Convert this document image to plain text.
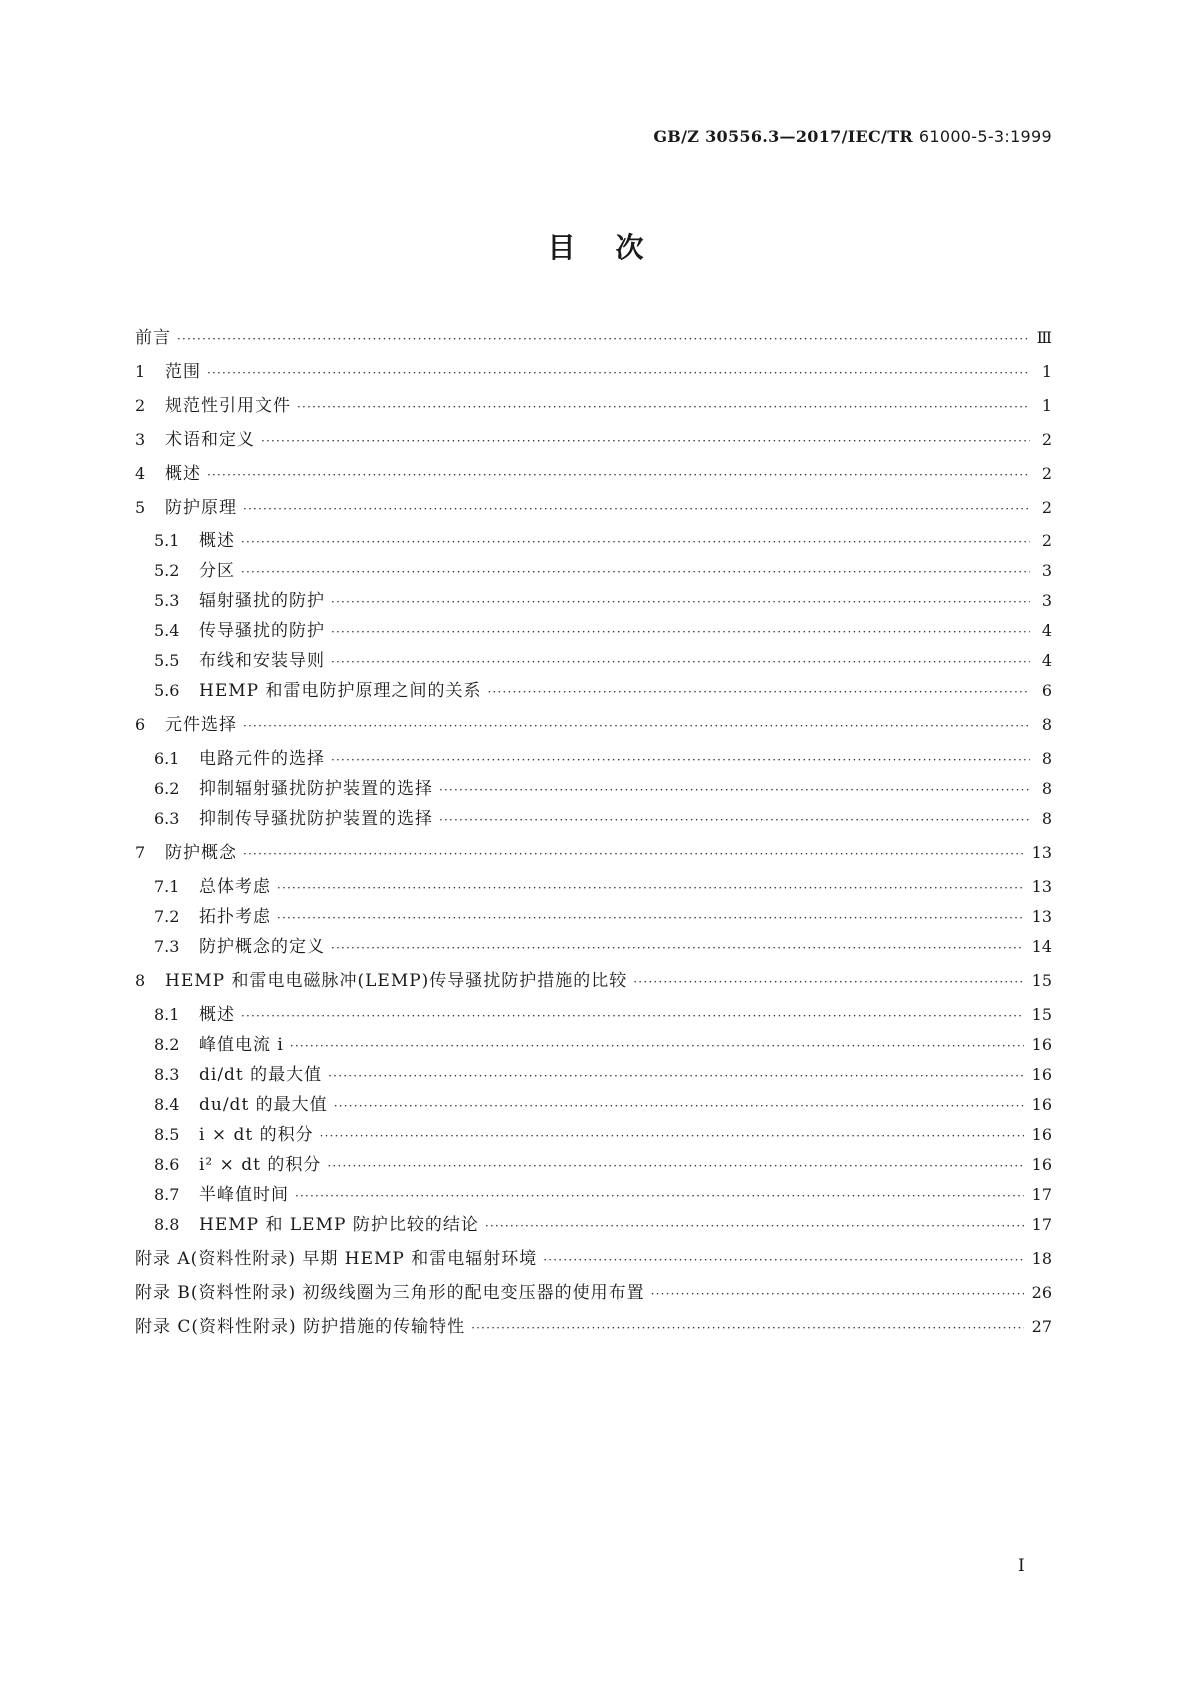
GB/Z 30556.3—2017/IEC/TR 61000-5-3:1999
目次
前言 ·····	Ⅲ
1	范围 ·····	1
2	规范性引用文件 ·····	1
3	术语和定义 ·····	2
4	概述 ·····	2
5	防护原理 ·····	2
5.1	概述 ·····	2
5.2	分区 ·····	3
5.3	辐射骚扰的防护 ·····	3
5.4	传导骚扰的防护 ·····	4
5.5	布线和安装导则 ·····	4
5.6	HEMP 和雷电防护原理之间的关系 ·····	6
6	元件选择 ·····	8
6.1	电路元件的选择 ·····	8
6.2	抑制辐射骚扰防护装置的选择 ·····	8
6.3	抑制传导骚扰防护装置的选择 ·····	8
7	防护概念 ·····	13
7.1	总体考虑 ·····	13
7.2	拓扑考虑 ·····	13
7.3	防护概念的定义 ·····	14
8	HEMP 和雷电电磁脉冲(LEMP)传导骚扰防护措施的比较 ·····	15
8.1	概述 ·····	15
8.2	峰值电流 i ·····	16
8.3	di/dt 的最大值 ·····	16
8.4	du/dt 的最大值 ·····	16
8.5	i × dt 的积分 ·····	16
8.6	i² × dt 的积分 ·····	16
8.7	半峰值时间 ·····	17
8.8	HEMP 和 LEMP 防护比较的结论 ·····	17
附录 A(资料性附录) 早期 HEMP 和雷电辐射环境 ·····	18
附录 B(资料性附录) 初级线圈为三角形的配电变压器的使用布置 ·····	26
附录 C(资料性附录) 防护措施的传输特性 ·····	27
I
